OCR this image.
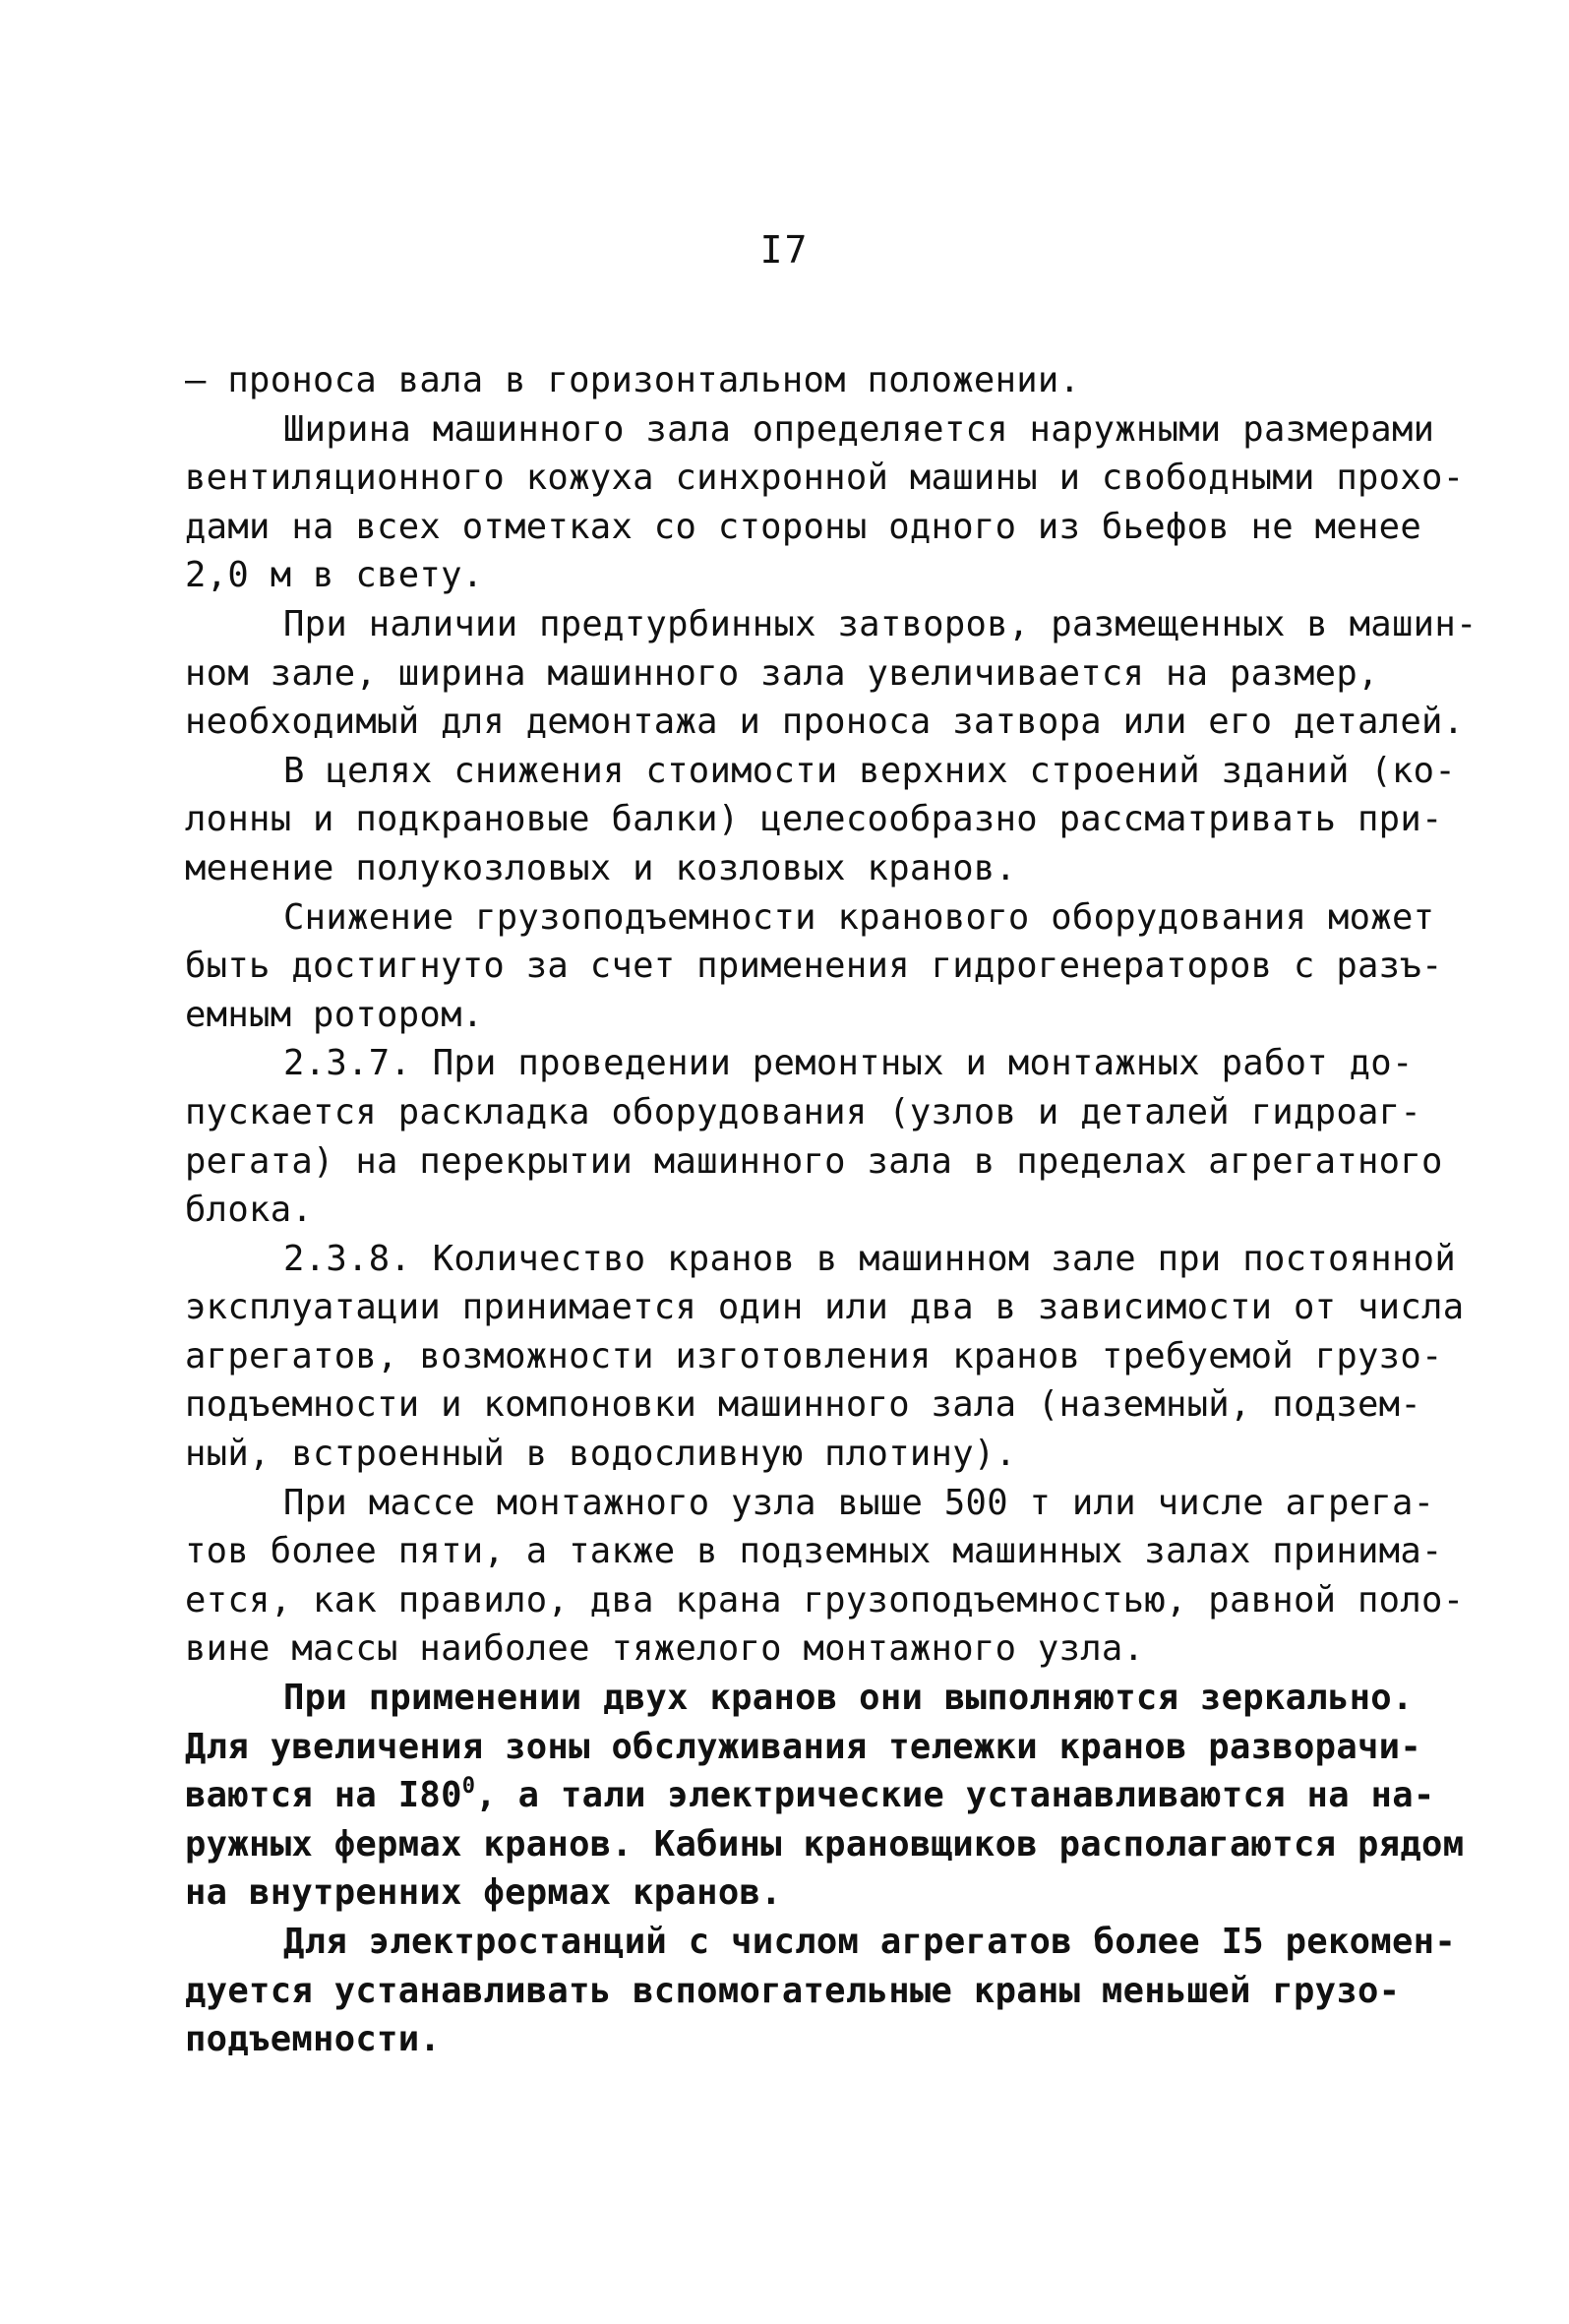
I7
– проноса вала в горизонтальном положении.
Ширина машинного зала определяется наружными размерами
вентиляционного кожуха синхронной машины и свободными прохо-
дами на всех отметках со стороны одного из бьефов не менее
2,0 м в свету.
При наличии предтурбинных затворов, размещенных в машин-
ном зале, ширина машинного зала увеличивается на размер,
необходимый для демонтажа и проноса затвора или его деталей.
В целях снижения стоимости верхних строений зданий (ко-
лонны и подкрановые балки) целесообразно рассматривать при-
менение полукозловых и козловых кранов.
Снижение грузоподъемности кранового оборудования может
быть достигнуто за счет применения гидрогенераторов с разъ-
емным ротором.
2.3.7. При проведении ремонтных и монтажных работ до-
пускается раскладка оборудования (узлов и деталей гидроаг-
регата) на перекрытии машинного зала в пределах агрегатного
блока.
2.3.8. Количество кранов в машинном зале при постоянной
эксплуатации принимается один или два в зависимости от числа
агрегатов, возможности изготовления кранов требуемой грузо-
подъемности и компоновки машинного зала (наземный, подзем-
ный, встроенный в водосливную плотину).
При массе монтажного узла выше 500 т или числе агрега-
тов более пяти, а также в подземных машинных залах принима-
ется, как правило, два крана грузоподъемностью, равной поло-
вине массы наиболее тяжелого монтажного узла.
При применении двух кранов они выполняются зеркально.
Для увеличения зоны обслуживания тележки кранов разворачи-
ваются на $I80^0$, а тали электрические устанавливаются на на-
ружных фермах кранов. Кабины крановщиков располагаются рядом
на внутренних фермах кранов.
Для электростанций с числом агрегатов более I5 рекомен-
дуется устанавливать вспомогательные краны меньшей грузо-
подъемности.
